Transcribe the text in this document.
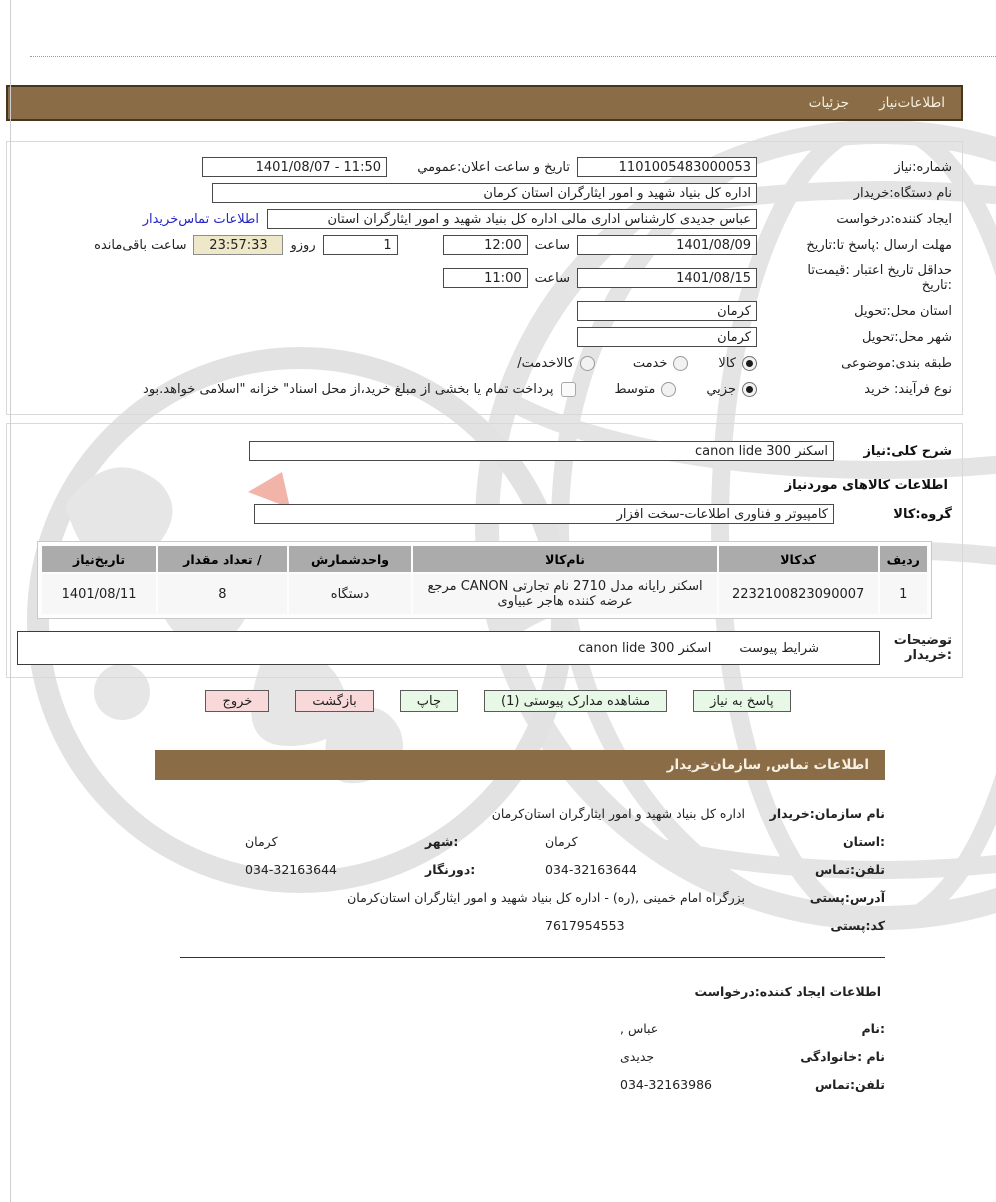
اطلاعات‌نیاز
جزئیات
شماره:نیاز
1101005483000053
تاریخ و ساعت اعلان:عمومي
11:50 - 1401/08/07
نام دستگاه:خریدار
اداره کل بنیاد شهید و امور ایثارگران استان کرمان
ایجاد کننده:درخواست
عباس جدیدی کارشناس اداری مالی اداره کل بنیاد شهید و امور ایثارگران استان
اطلاعات تماس‌خریدار
مهلت ارسال :پاسخ تا:تاریخ
1401/08/09
ساعت
12:00
1
روزو
23:57:33
ساعت باقی‌مانده
حداقل تاریخ اعتبار :قیمت‌تا
:تاریخ
1401/08/15
ساعت
11:00
استان محل:تحویل
کرمان
شهر محل:تحویل
کرمان
طبقه بندی:موضوعی
کالا
خدمت
کالاخدمت/
نوع فرآیند: خرید
جزیي
متوسط
پرداخت تمام یا بخشی از مبلغ خرید،از محل اسناد" خزانه "اسلامی خواهد.بود
شرح کلی:نیاز
اسکنر canon lide 300
اطلاعات کالاهای موردنیاز
گروه:کالا
کامپیوتر و فناوری اطلاعات-سخت افزار
ردیف	کدکالا	نام‌کالا	واحدشمارش	/ تعداد مقدار	تاریخ‌نیاز
1	2232100823090007	اسکنر رایانه مدل 2710 نام تجارتی CANON مرجع عرضه کننده هاجر عبیاوی	دستگاه	8	1401/08/11
توضیحات
:خریدار
شرایط پیوست
اسکنر canon lide 300
پاسخ به نیاز
مشاهده مدارک پیوستی (1)
چاپ
بازگشت
خروج
اطلاعات تماس, سازمان‌خریدار
نام سازمان:خریدار
اداره کل بنیاد شهید و امور ایثارگران استان‌کرمان
:استان
کرمان
:شهر
کرمان
تلفن:تماس
034-32163644
:دورنگار
034-32163644
آدرس:پستی
بزرگراه امام خمینی ,(ره) - اداره کل بنیاد شهید و امور ایثارگران استان‌کرمان
کد:پستی
7617954553
اطلاعات ایجاد کننده:درخواست
:نام
عباس ,
نام :خانوادگی
جدیدی
تلفن:تماس
034-32163986
